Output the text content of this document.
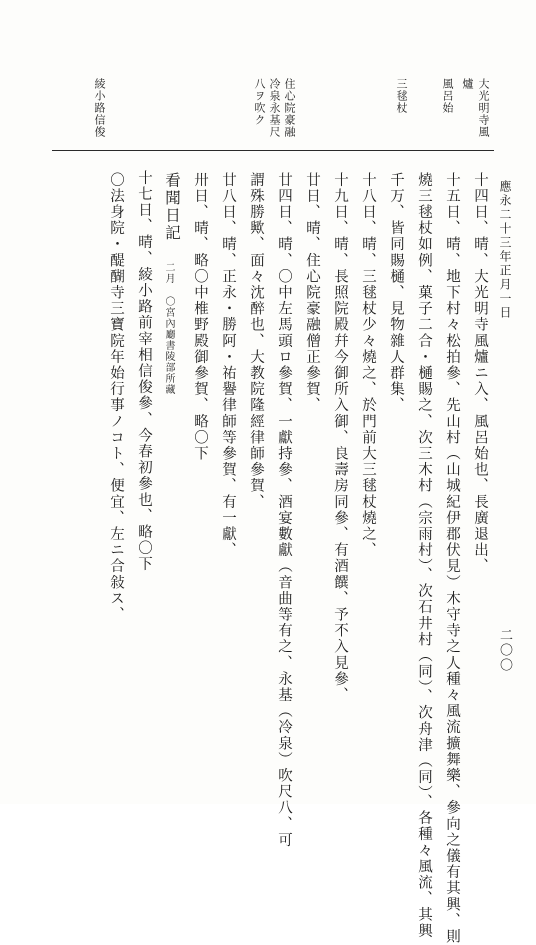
應永二十三年正月一日
二〇〇
大光明寺風
爐
風呂始
三毬杖
住心院豪融
冷泉永基尺
八ヲ吹ク
綾小路信俊
十四日、晴、大光明寺風爐ニ入、風呂始也、長廣退出、
十五日、晴、地下村々松拍參、先山村（山城紀伊郡伏見）木守寺之人種々風流擴舞樂、參向之儀有其興、則
燒三毬杖如例、菓子二合・樋賜之、次三木村（宗雨村）、次石井村（同）、次舟津（同）、各種々風流、其興
千万、皆同賜樋、見物雜人群集、
十八日、晴、三毬杖少々燒之、於門前大三毬杖燒之、
十九日、晴、長照院殿幷今御所入御、良壽房同參、有酒饌、予不入見參、
廿日、晴、住心院豪融僧正參賀、
廿四日、晴、〇中左馬頭ロ參賀、一獻持參、酒宴數獻（音曲等有之、永基（冷泉）吹尺八、可
謂殊勝歟、面々沈醉也、大教院隆經律師參賀、
廿八日、晴、正永・勝阿・祐譽律師等參賀、有一獻、
卅日、晴、略〇中椎野殿御參賀、略〇下
看聞日記
二月 〇宮內廳書陵部所藏
十七日、晴、綾小路前宰相信俊參、今春初參也、略〇下
〇法身院・醍醐寺三寶院年始行事ノコト、便宜、左ニ合敍ス、
